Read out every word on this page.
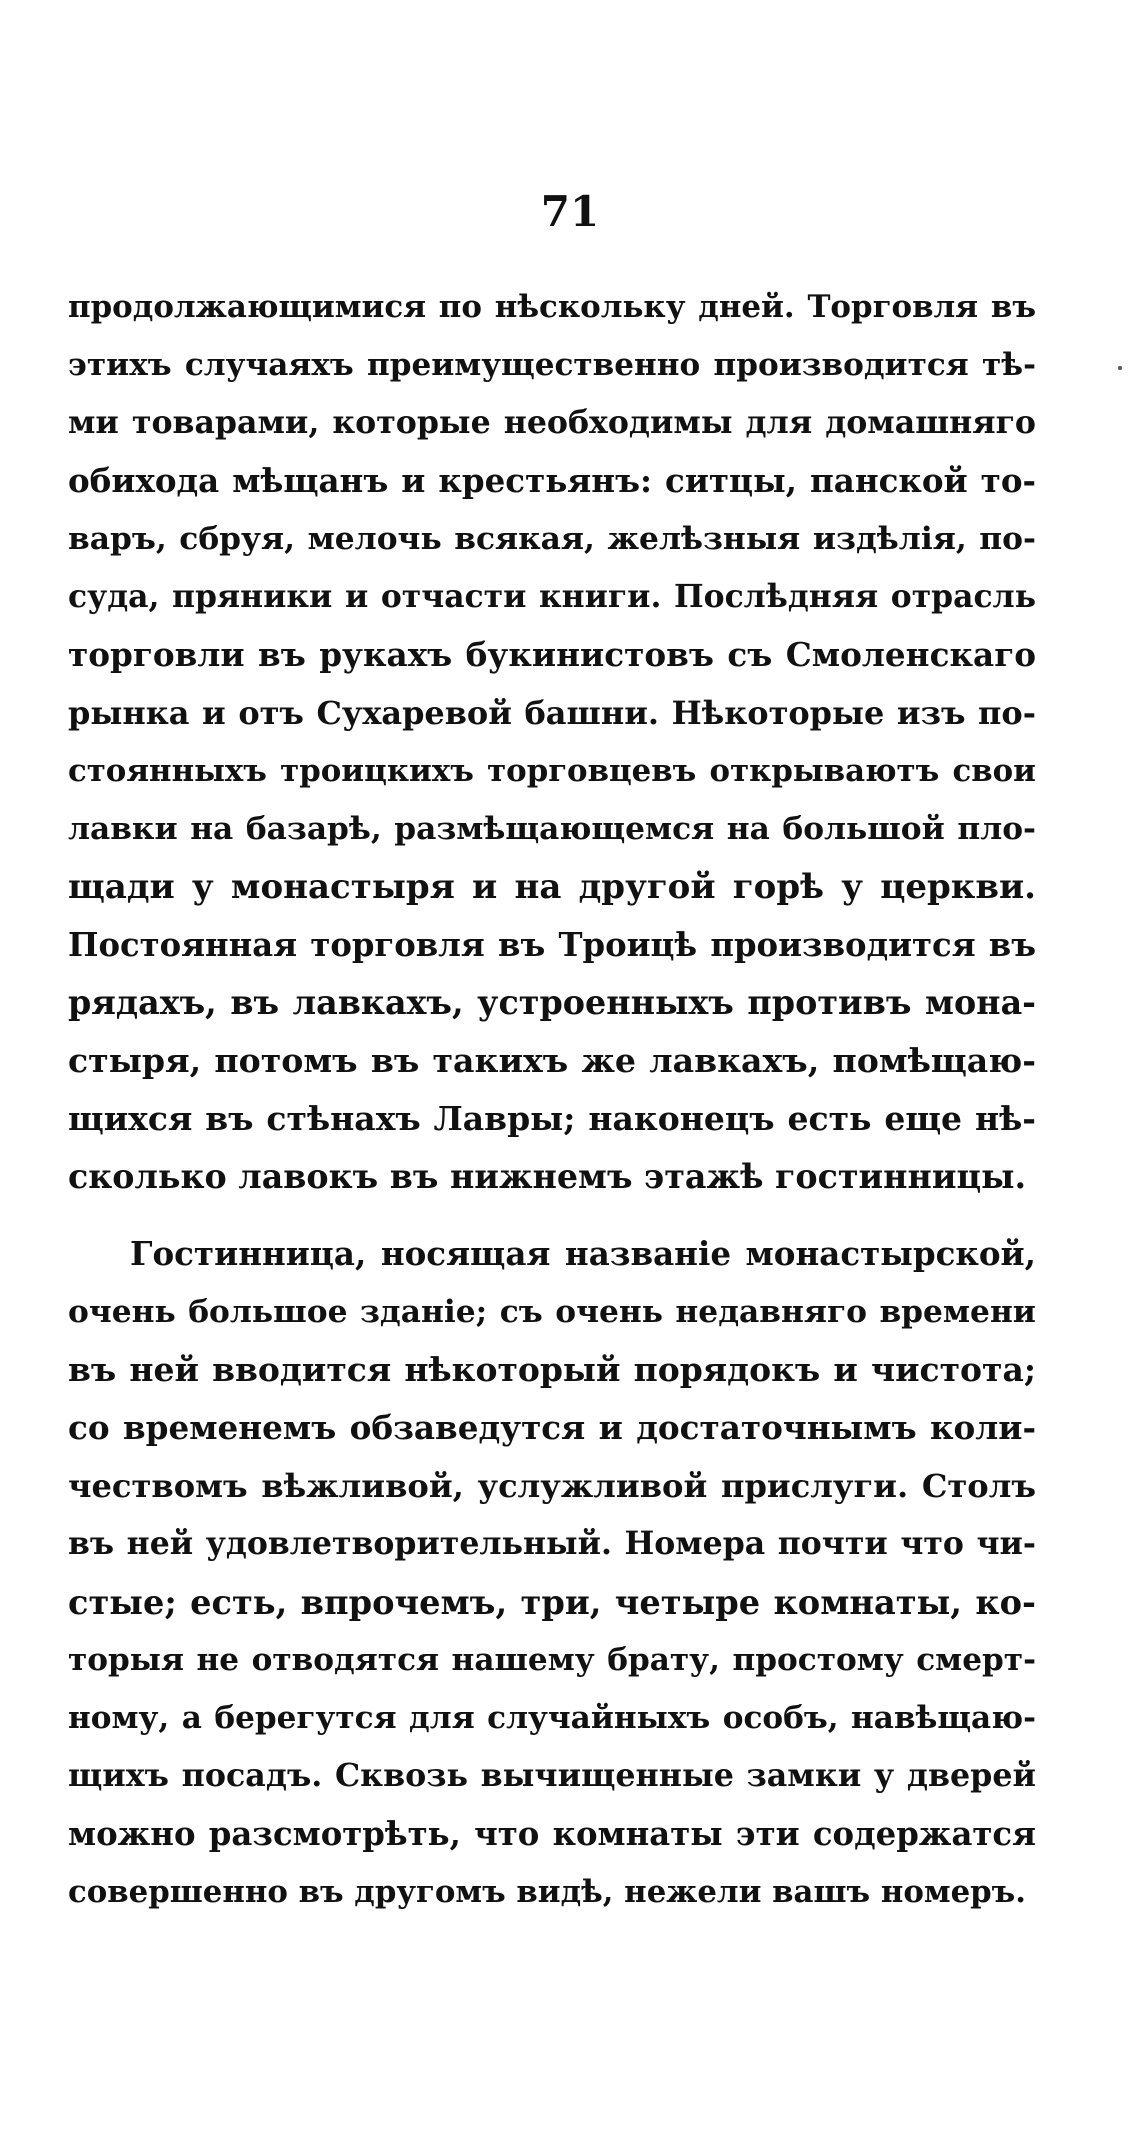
71
продолжающимися по нѣскольку дней. Торговля въ
этихъ случаяхъ преимущественно производится тѣ-
ми товарами, которые необходимы для домашняго
обихода мѣщанъ и крестьянъ: ситцы, панской то-
варъ, сбруя, мелочь всякая, желѣзныя издѣлія, по-
суда, пряники и отчасти книги. Послѣдняя отрасль
торговли въ рукахъ букинистовъ съ Смоленскаго
рынка и отъ Сухаревой башни. Нѣкоторые изъ по-
стоянныхъ троицкихъ торговцевъ открываютъ свои
лавки на базарѣ, размѣщающемся на большой пло-
щади у монастыря и на другой горѣ у церкви.
Постоянная торговля въ Троицѣ производится въ
рядахъ, въ лавкахъ, устроенныхъ противъ мона-
стыря, потомъ въ такихъ же лавкахъ, помѣщаю-
щихся въ стѣнахъ Лавры; наконецъ есть еще нѣ-
сколько лавокъ въ нижнемъ этажѣ гостинницы.
Гостинница, носящая названіе монастырской,
очень большое зданіе; съ очень недавняго времени
въ ней вводится нѣкоторый порядокъ и чистота;
со временемъ обзаведутся и достаточнымъ коли-
чествомъ вѣжливой, услужливой прислуги. Столъ
въ ней удовлетворительный. Номера почти что чи-
стые; есть, впрочемъ, три, четыре комнаты, ко-
торыя не отводятся нашему брату, простому смерт-
ному, а берегутся для случайныхъ особъ, навѣщаю-
щихъ посадъ. Сквозь вычищенные замки у дверей
можно разсмотрѣть, что комнаты эти содержатся
совершенно въ другомъ видѣ, нежели вашъ номеръ.
